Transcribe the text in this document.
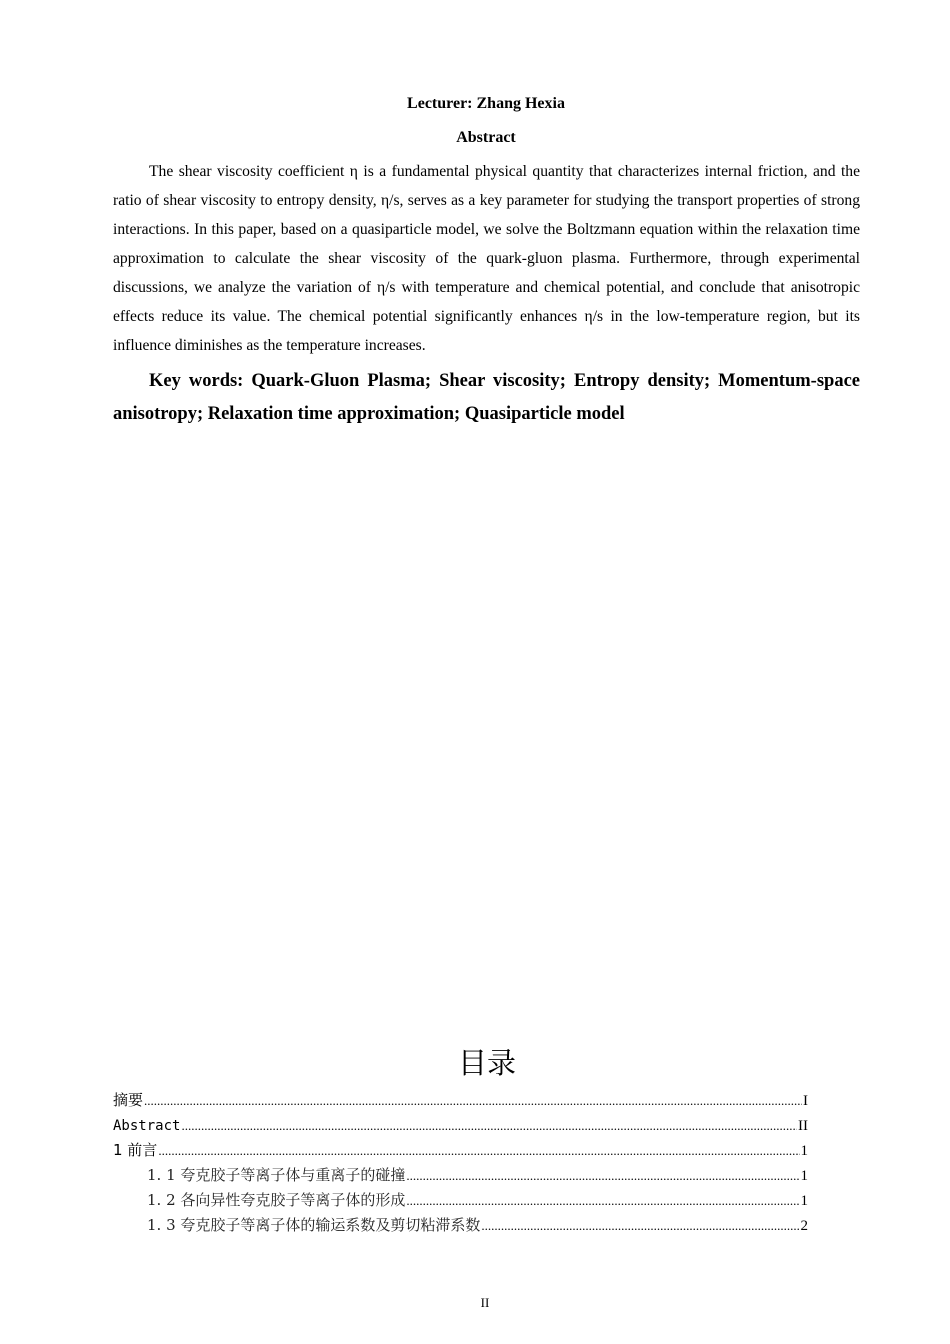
Lecturer: Zhang Hexia
Abstract

The shear viscosity coefficient η is a fundamental physical quantity that characterizes internal friction, and the ratio of shear viscosity to entropy density, η/s, serves as a key parameter for studying the transport properties of strong interactions. In this paper, based on a quasiparticle model, we solve the Boltzmann equation within the relaxation time approximation to calculate the shear viscosity of the quark-gluon plasma. Furthermore, through experimental discussions, we analyze the variation of η/s with temperature and chemical potential, and conclude that anisotropic effects reduce its value. The chemical potential significantly enhances η/s in the low-temperature region, but its influence diminishes as the temperature increases.

Key words: Quark-Gluon Plasma; Shear viscosity; Entropy density; Momentum-space anisotropy; Relaxation time approximation; Quasiparticle model

目录
摘要 .....	I
Abstract .....	II
1 前言 .....	1
1. 1 夸克胶子等离子体与重离子的碰撞 .....	1
1. 2 各向异性夸克胶子等离子体的形成 .....	1
1. 3 夸克胶子等离子体的输运系数及剪切粘滞系数 .....	2
II
